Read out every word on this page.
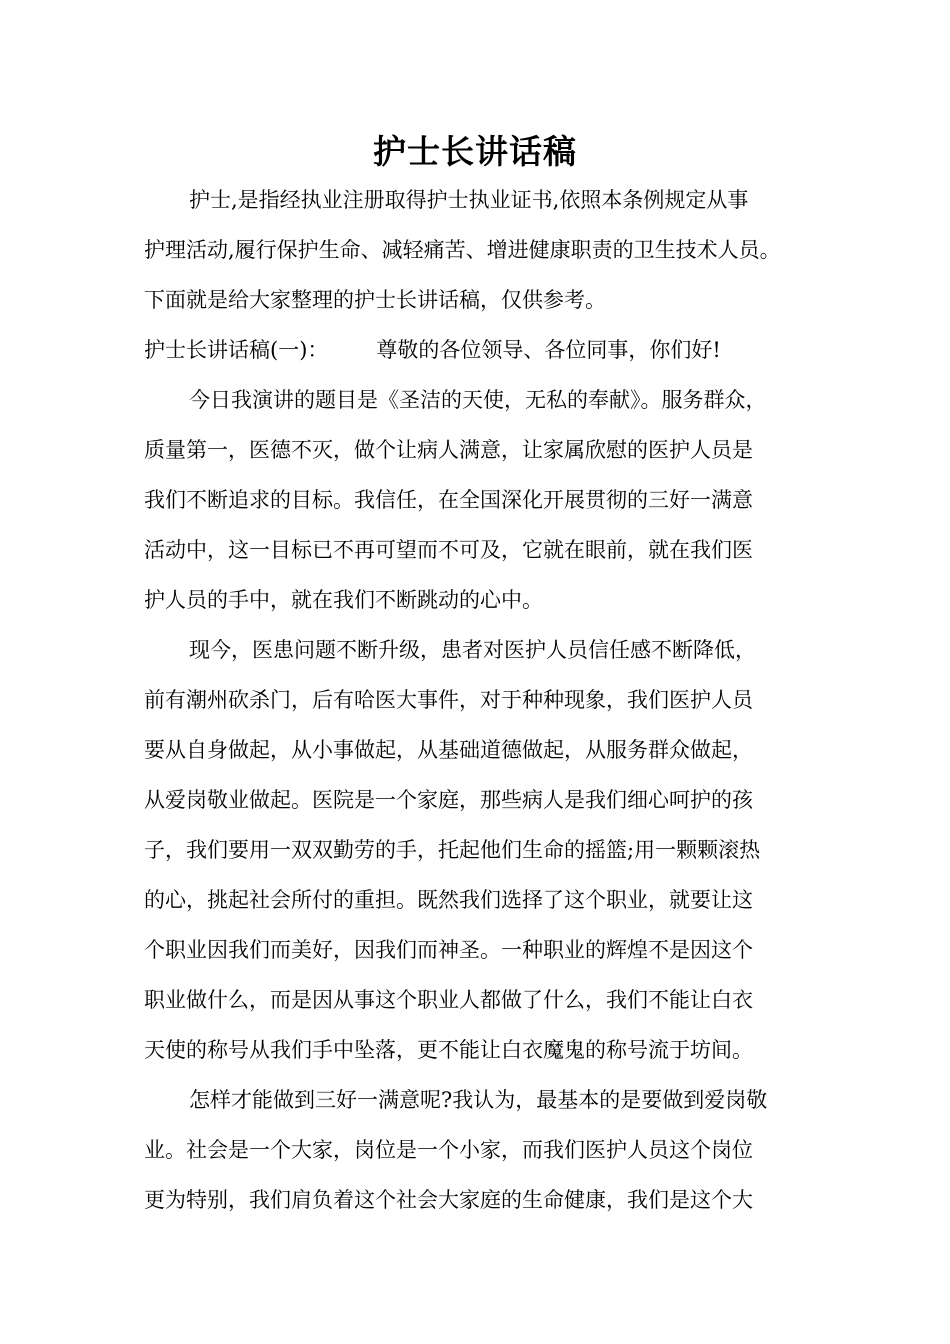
护士长讲话稿
护士,是指经执业注册取得护士执业证书,依照本条例规定从事
护理活动,履行保护生命、减轻痛苦、增进健康职责的卫生技术人员。
下面就是给大家整理的护士长讲话稿，仅供参考。
护士长讲话稿(一)： 尊敬的各位领导、各位同事，你们好!
今日我演讲的题目是《圣洁的天使，无私的奉献》。服务群众，
质量第一，医德不灭，做个让病人满意，让家属欣慰的医护人员是
我们不断追求的目标。我信任，在全国深化开展贯彻的三好一满意
活动中，这一目标已不再可望而不可及，它就在眼前，就在我们医
护人员的手中，就在我们不断跳动的心中。
现今，医患问题不断升级，患者对医护人员信任感不断降低，
前有潮州砍杀门，后有哈医大事件，对于种种现象，我们医护人员
要从自身做起，从小事做起，从基础道德做起，从服务群众做起，
从爱岗敬业做起。医院是一个家庭，那些病人是我们细心呵护的孩
子，我们要用一双双勤劳的手，托起他们生命的摇篮;用一颗颗滚热
的心，挑起社会所付的重担。既然我们选择了这个职业，就要让这
个职业因我们而美好，因我们而神圣。一种职业的辉煌不是因这个
职业做什么，而是因从事这个职业人都做了什么，我们不能让白衣
天使的称号从我们手中坠落，更不能让白衣魔鬼的称号流于坊间。
怎样才能做到三好一满意呢?我认为，最基本的是要做到爱岗敬
业。社会是一个大家，岗位是一个小家，而我们医护人员这个岗位
更为特别，我们肩负着这个社会大家庭的生命健康，我们是这个大
